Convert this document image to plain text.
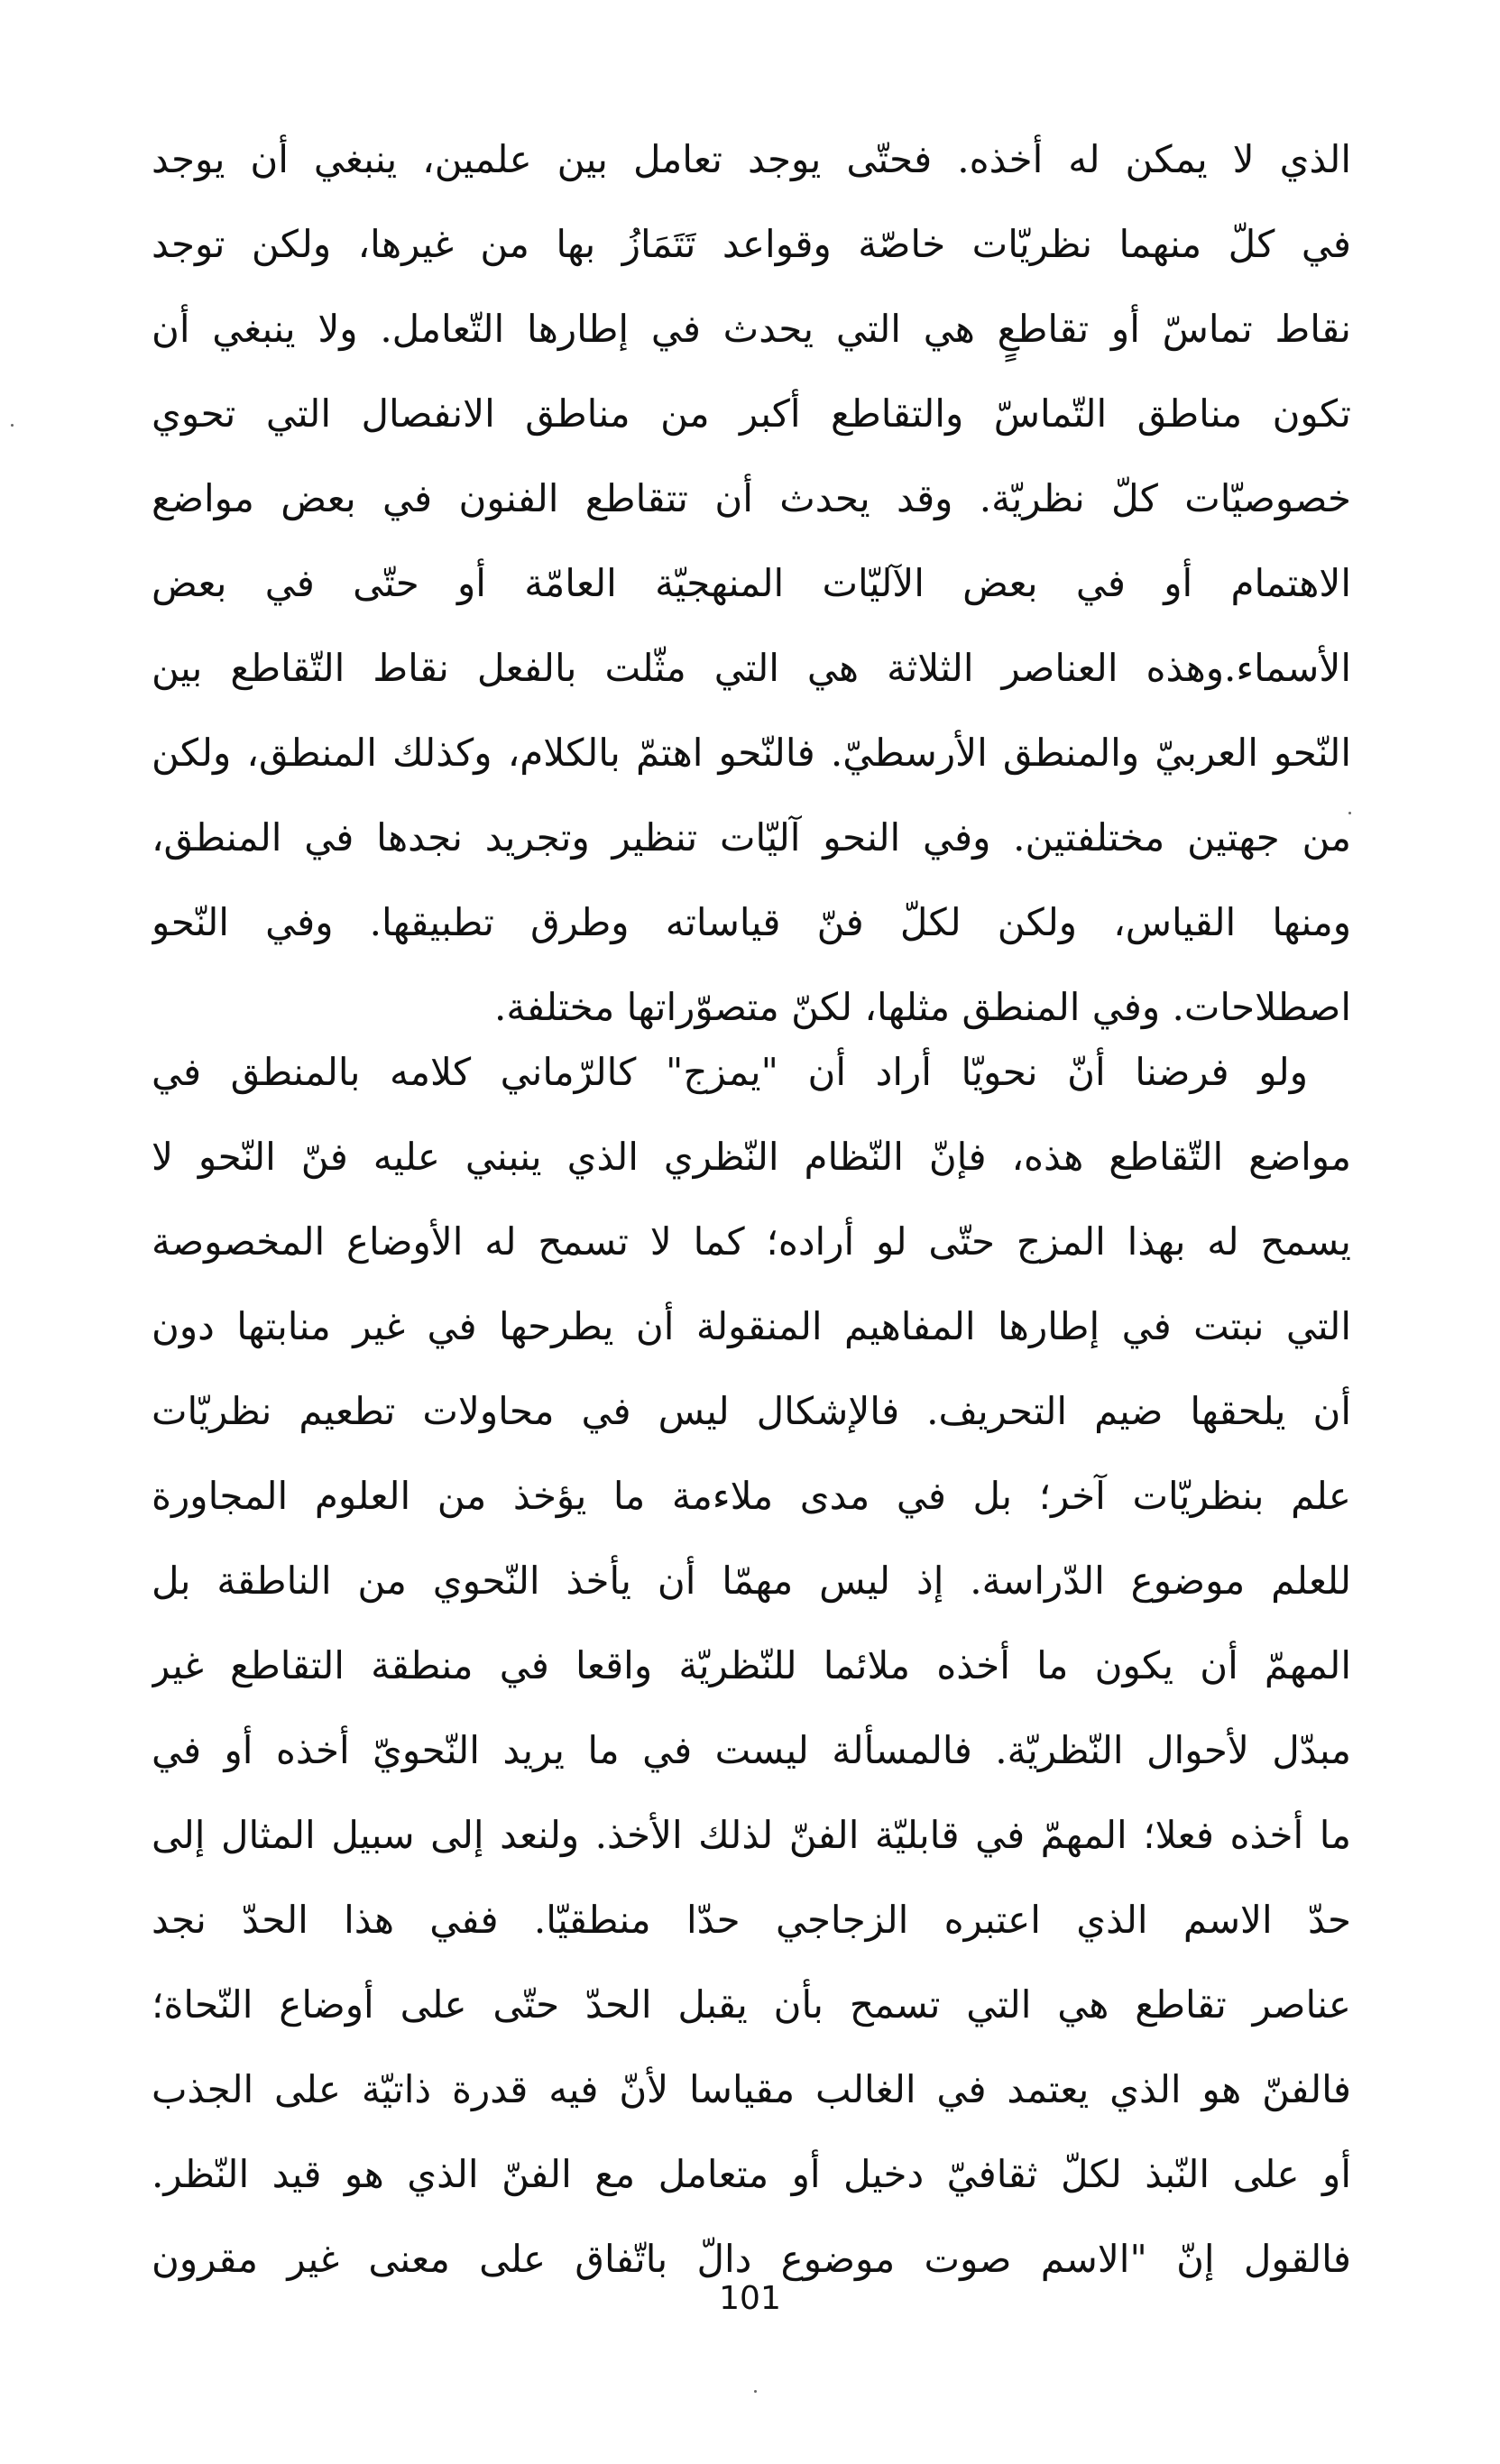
الذي لا يمكن له أخذه. فحتّى يوجد تعامل بين علمين، ينبغي أن يوجد
في كلّ منهما نظريّات خاصّة وقواعد تَتَمَازُ بها من غيرها، ولكن توجد
نقاط تماسّ أو تقاطعٍ هي التي يحدث في إطارها التّعامل. ولا ينبغي أن
تكون مناطق التّماسّ والتقاطع أكبر من مناطق الانفصال التي تحوي
خصوصيّات كلّ نظريّة. وقد يحدث أن تتقاطع الفنون في بعض مواضع
الاهتمام أو في بعض الآليّات المنهجيّة العامّة أو حتّى في بعض
الأسماء.وهذه العناصر الثلاثة هي التي مثّلت بالفعل نقاط التّقاطع بين
النّحو العربيّ والمنطق الأرسطيّ. فالنّحو اهتمّ بالكلام، وكذلك المنطق، ولكن
من جهتين مختلفتين. وفي النحو آليّات تنظير وتجريد نجدها في المنطق،
ومنها القياس، ولكن لكلّ فنّ قياساته وطرق تطبيقها. وفي النّحو
اصطلاحات. وفي المنطق مثلها، لكنّ متصوّراتها مختلفة.
ولو فرضنا أنّ نحويّا أراد أن "يمزج" كالرّماني كلامه بالمنطق في
مواضع التّقاطع هذه، فإنّ النّظام النّظري الذي ينبني عليه فنّ النّحو لا
يسمح له بهذا المزج حتّى لو أراده؛ كما لا تسمح له الأوضاع المخصوصة
التي نبتت في إطارها المفاهيم المنقولة أن يطرحها في غير منابتها دون
أن يلحقها ضيم التحريف. فالإشكال ليس في محاولات تطعيم نظريّات
علم بنظريّات آخر؛ بل في مدى ملاءمة ما يؤخذ من العلوم المجاورة
للعلم موضوع الدّراسة. إذ ليس مهمّا أن يأخذ النّحوي من الناطقة بل
المهمّ أن يكون ما أخذه ملائما للنّظريّة واقعا في منطقة التقاطع غير
مبدّل لأحوال النّظريّة. فالمسألة ليست في ما يريد النّحويّ أخذه أو في
ما أخذه فعلا؛ المهمّ في قابليّة الفنّ لذلك الأخذ. ولنعد إلى سبيل المثال إلى
حدّ الاسم الذي اعتبره الزجاجي حدّا منطقيّا. ففي هذا الحدّ نجد
عناصر تقاطع هي التي تسمح بأن يقبل الحدّ حتّى على أوضاع النّحاة؛
فالفنّ هو الذي يعتمد في الغالب مقياسا لأنّ فيه قدرة ذاتيّة على الجذب
أو على النّبذ لكلّ ثقافيّ دخيل أو متعامل مع الفنّ الذي هو قيد النّظر.
فالقول إنّ "الاسم صوت موضوع دالّ باتّفاق على معنى غير مقرون
101
